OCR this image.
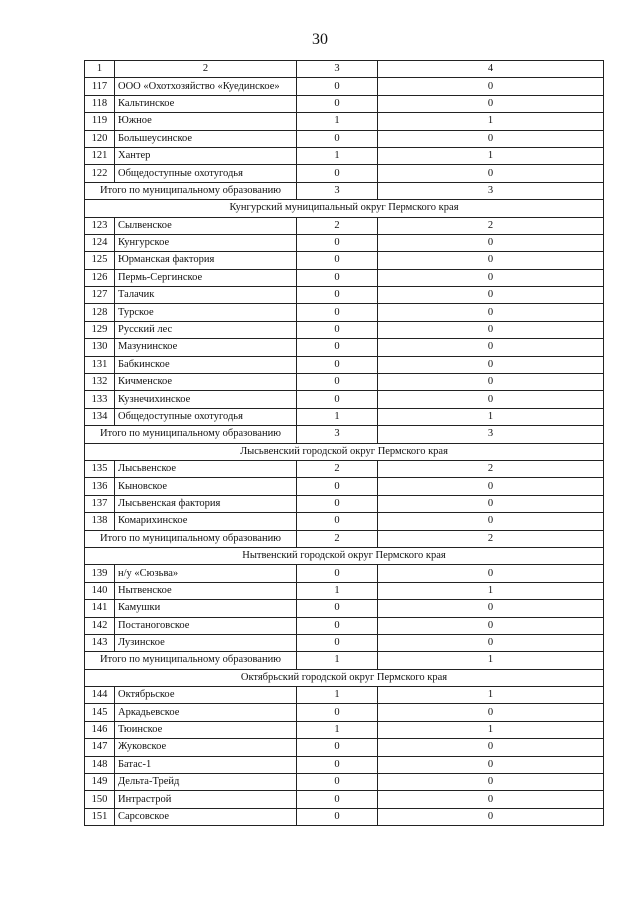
30
1	2	3	4
117	ООО «Охотхозяйство «Куединское»	0	0
118	Кальтинское	0	0
119	Южное	1	1
120	Большеусинское	0	0
121	Хантер	1	1
122	Общедоступные охотугодья	0	0
Итого по муниципальному образованию		3	3
Кунгурский муниципальный округ Пермского края			
123	Сылвенское	2	2
124	Кунгурское	0	0
125	Юрманская фактория	0	0
126	Пермь-Сергинское	0	0
127	Талачик	0	0
128	Турское	0	0
129	Русский лес	0	0
130	Мазунинское	0	0
131	Бабкинское	0	0
132	Кичменское	0	0
133	Кузнечихинское	0	0
134	Общедоступные охотугодья	1	1
Итого по муниципальному образованию		3	3
Лысьвенский городской округ Пермского края			
135	Лысьвенское	2	2
136	Кыновское	0	0
137	Лысьвенская фактория	0	0
138	Комарихинское	0	0
Итого по муниципальному образованию		2	2
Нытвенский городской округ Пермского края			
139	н/у «Сюзьва»	0	0
140	Нытвенское	1	1
141	Камушки	0	0
142	Постаноговское	0	0
143	Лузинское	0	0
Итого по муниципальному образованию		1	1
Октябрьский городской округ Пермского края			
144	Октябрьское	1	1
145	Аркадьевское	0	0
146	Тюинское	1	1
147	Жуковское	0	0
148	Батас-1	0	0
149	Дельта-Трейд	0	0
150	Интрастрой	0	0
151	Сарсовское	0	0
